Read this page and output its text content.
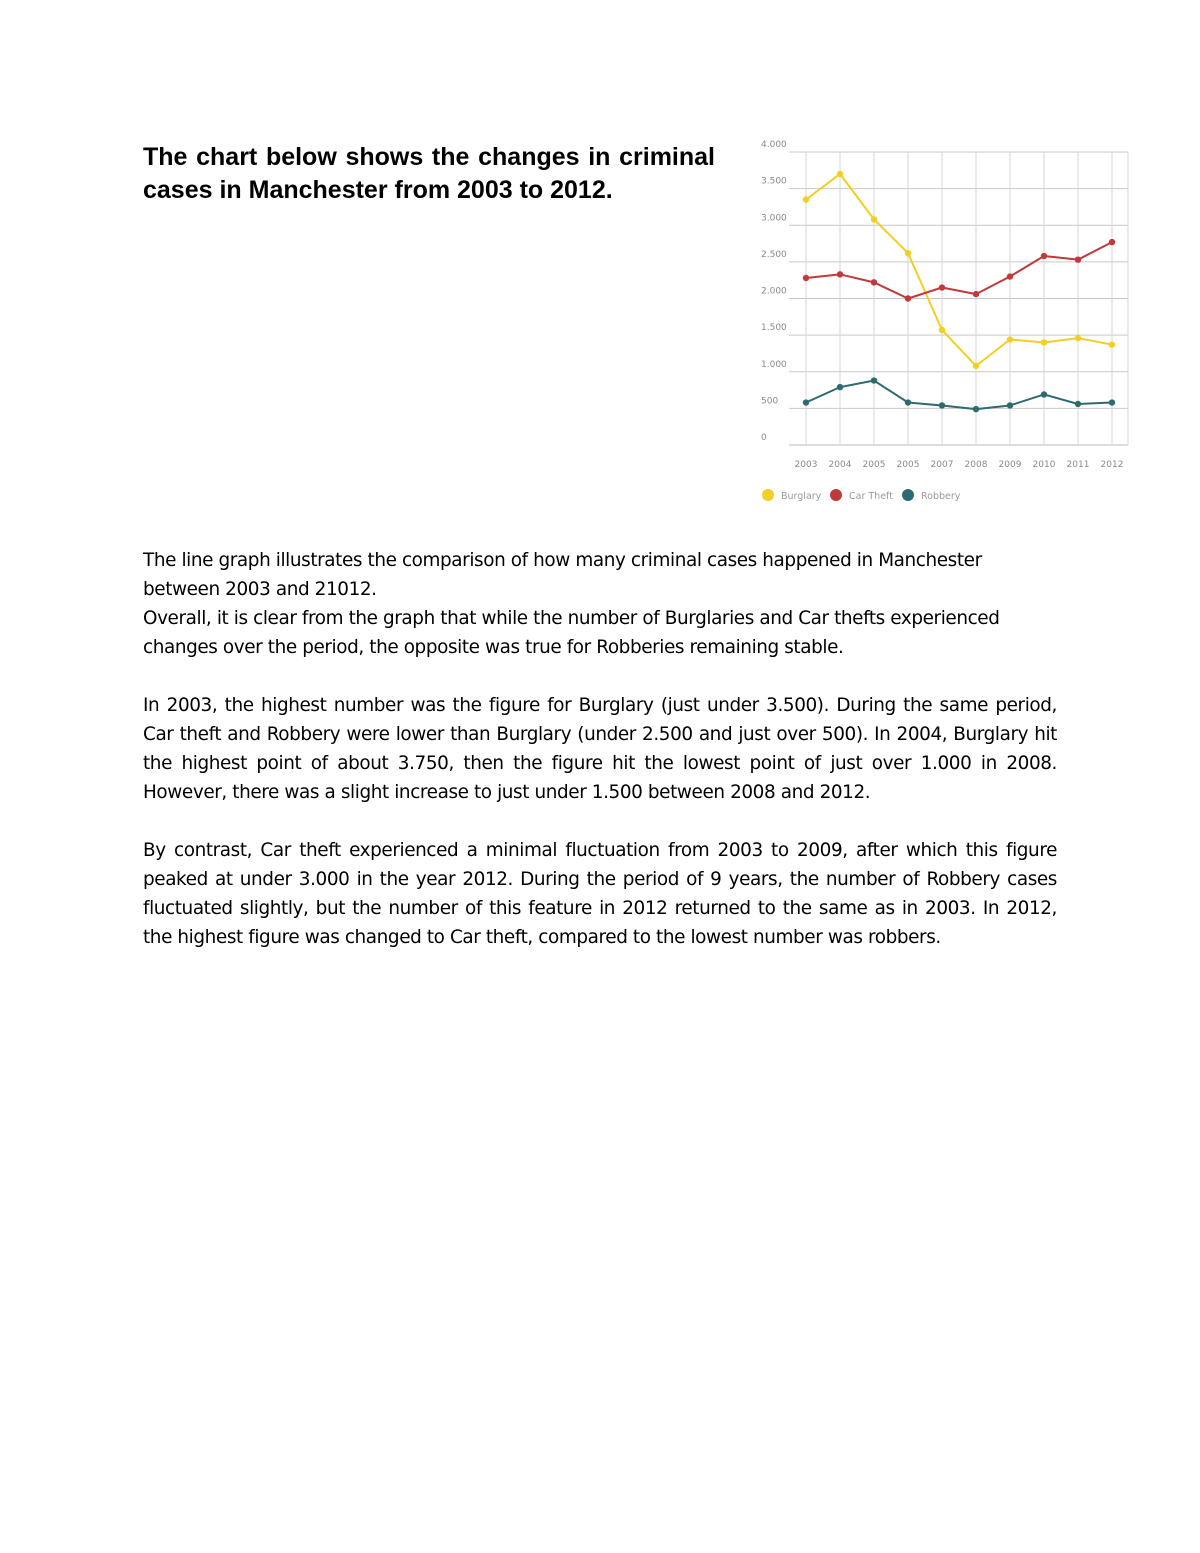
The chart below shows the changes in criminal cases in Manchester from 2003 to 2012.
0
500
1.000
1.500
2.000
2.500
3.000
3.500
4.000
2003 2004 2005 2005 2007 2008 2009 2010 2011 2012
Burglary	Car Theft	Robbery

The line graph illustrates the comparison of how many criminal cases happened in Manchester between 2003 and 21012.

Overall, it is clear from the graph that while the number of Burglaries and Car thefts experienced changes over the period, the opposite was true for Robberies remaining stable.

In 2003, the highest number was the figure for Burglary (just under 3.500). During the same period, Car theft and Robbery were lower than Burglary (under 2.500 and just over 500). In 2004, Burglary hit the highest point of about 3.750, then the figure hit the lowest point of just over 1.000 in 2008. However, there was a slight increase to just under 1.500 between 2008 and 2012.

By contrast, Car theft experienced a minimal fluctuation from 2003 to 2009, after which this figure peaked at under 3.000 in the year 2012. During the period of 9 years, the number of Robbery cases fluctuated slightly, but the number of this feature in 2012 returned to the same as in 2003. In 2012, the highest figure was changed to Car theft, compared to the lowest number was robbers.
